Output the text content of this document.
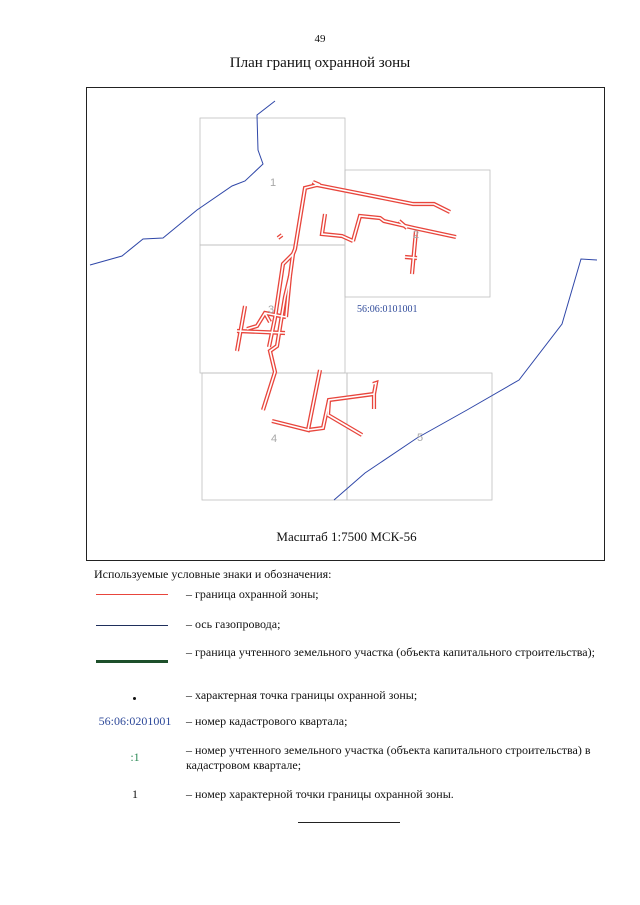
49
План границ охранной зоны
1
2
3
4	5
56:06:0101001
Масштаб 1:7500 МСК-56
Используемые условные знаки и обозначения:
– граница охранной зоны;
– ось газопровода;
– граница учтенного земельного участка (объекта капитального строительства);
– характерная точка границы охранной зоны;
56:06:0201001	– номер кадастрового квартала;
:1	– номер учтенного земельного участка (объекта капитального строительства) в кадастровом квартале;
1	– номер характерной точки границы охранной зоны.
